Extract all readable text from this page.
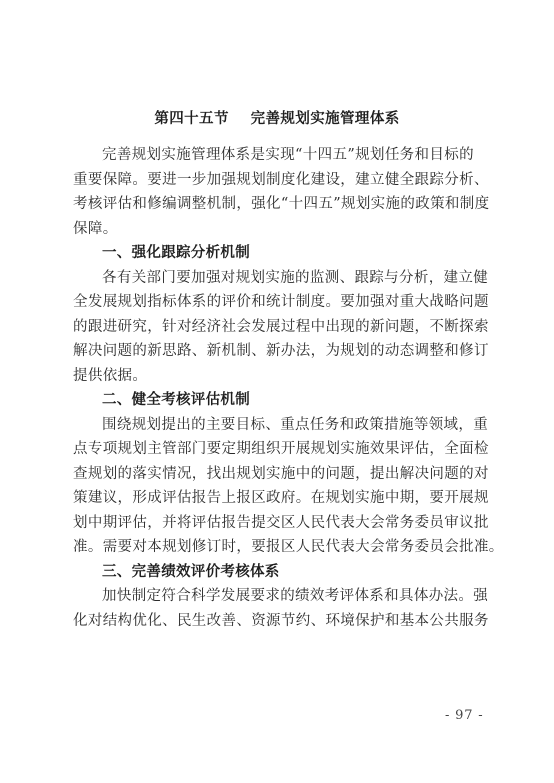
第四十五节    完善规划实施管理体系
完善规划实施管理体系是实现“十四五”规划任务和目标的
重要保障。要进一步加强规划制度化建设，建立健全跟踪分析、
考核评估和修编调整机制，强化“十四五”规划实施的政策和制度
保障。
一、强化跟踪分析机制
各有关部门要加强对规划实施的监测、跟踪与分析，建立健
全发展规划指标体系的评价和统计制度。要加强对重大战略问题
的跟进研究，针对经济社会发展过程中出现的新问题，不断探索
解决问题的新思路、新机制、新办法，为规划的动态调整和修订
提供依据。
二、健全考核评估机制
围绕规划提出的主要目标、重点任务和政策措施等领域，重
点专项规划主管部门要定期组织开展规划实施效果评估，全面检
查规划的落实情况，找出规划实施中的问题，提出解决问题的对
策建议，形成评估报告上报区政府。在规划实施中期，要开展规
划中期评估，并将评估报告提交区人民代表大会常务委员审议批
准。需要对本规划修订时，要报区人民代表大会常务委员会批准。
三、完善绩效评价考核体系
加快制定符合科学发展要求的绩效考评体系和具体办法。强
化对结构优化、民生改善、资源节约、环境保护和基本公共服务
- 97 -
